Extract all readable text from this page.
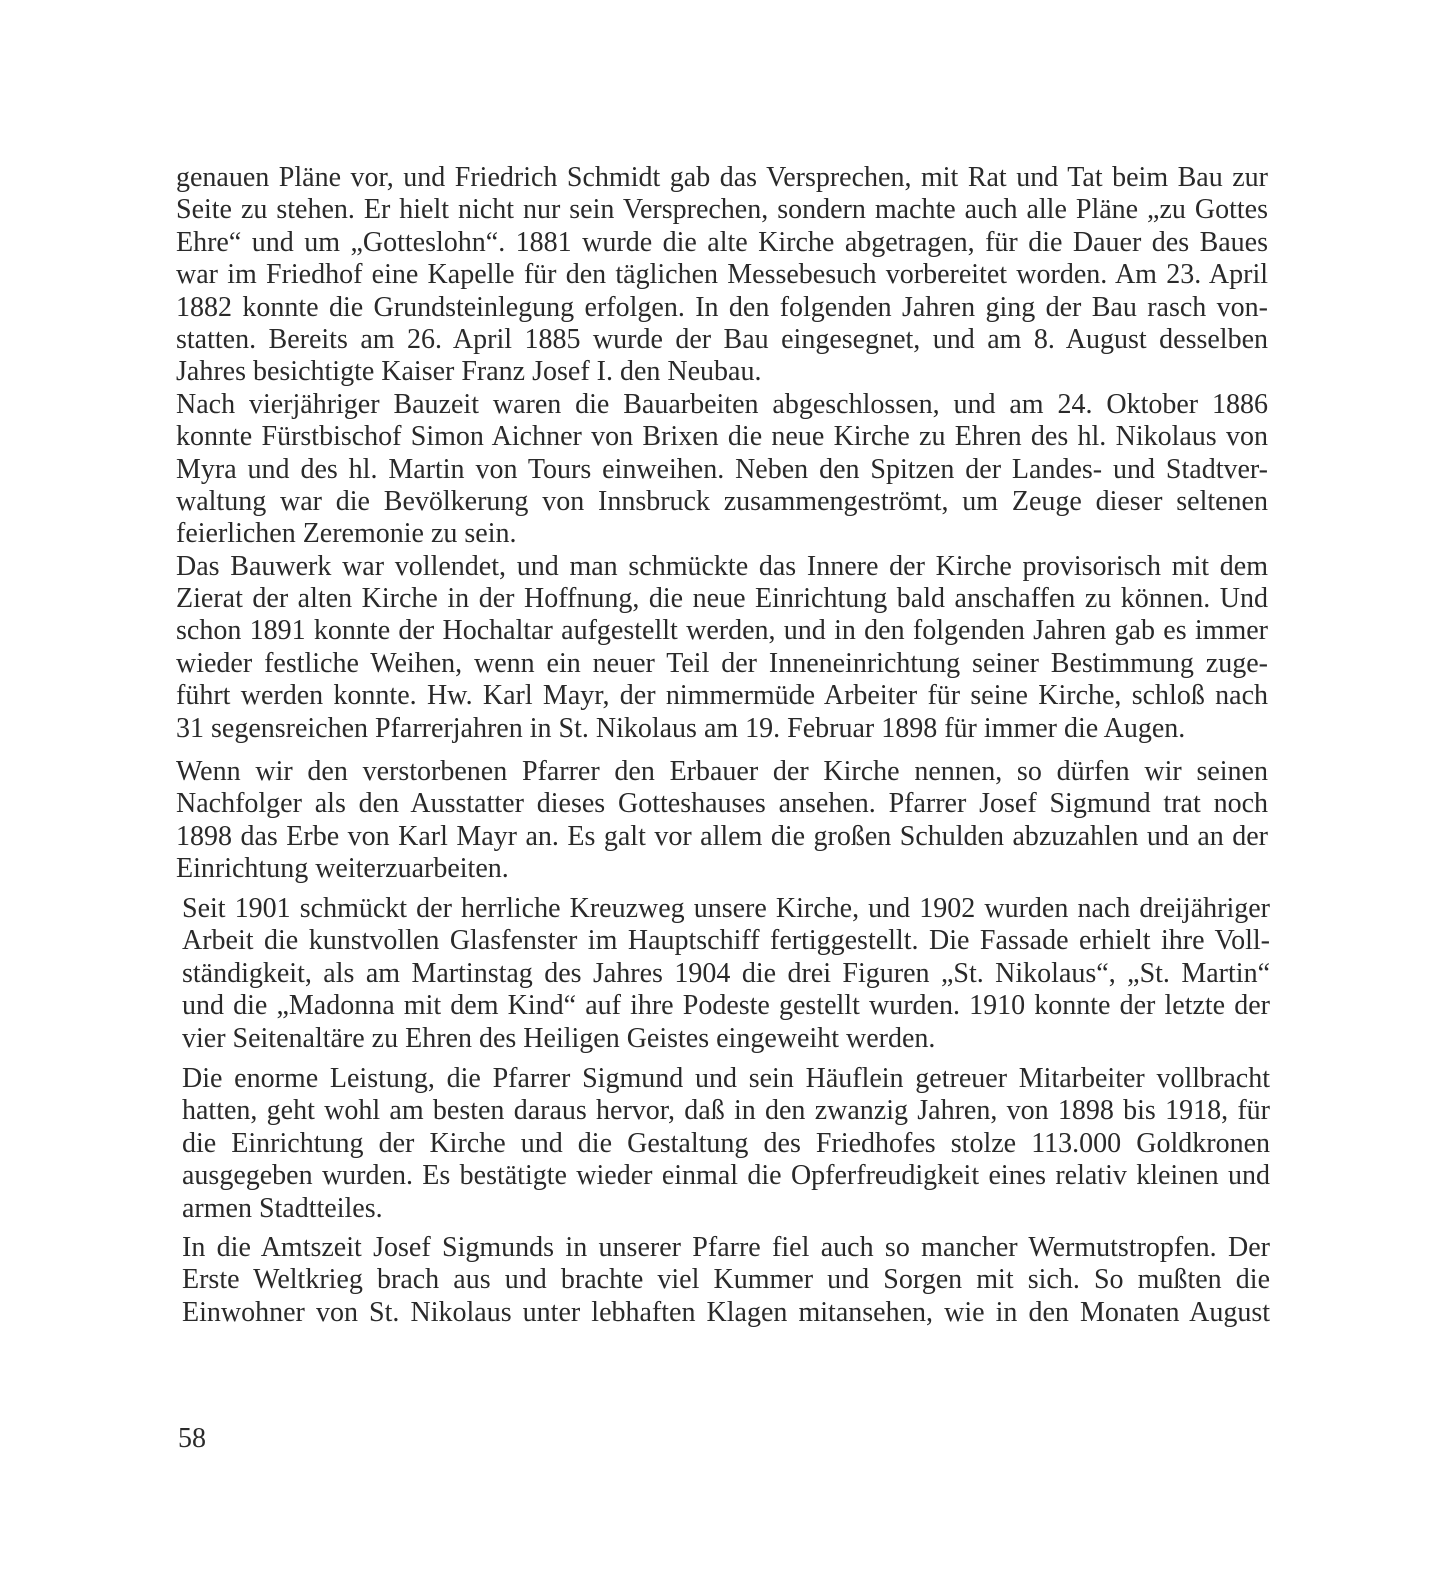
genauen Pläne vor, und Friedrich Schmidt gab das Versprechen, mit Rat und Tat beim Bau zur
Seite zu stehen. Er hielt nicht nur sein Versprechen, sondern machte auch alle Pläne „zu Gottes
Ehre“ und um „Gotteslohn“. 1881 wurde die alte Kirche abgetragen, für die Dauer des Baues
war im Friedhof eine Kapelle für den täglichen Messebesuch vorbereitet worden. Am 23. April
1882 konnte die Grundsteinlegung erfolgen. In den folgenden Jahren ging der Bau rasch von-
statten. Bereits am 26. April 1885 wurde der Bau eingesegnet, und am 8. August desselben
Jahres besichtigte Kaiser Franz Josef I. den Neubau.
Nach vierjähriger Bauzeit waren die Bauarbeiten abgeschlossen, und am 24. Oktober 1886
konnte Fürstbischof Simon Aichner von Brixen die neue Kirche zu Ehren des hl. Nikolaus von
Myra und des hl. Martin von Tours einweihen. Neben den Spitzen der Landes- und Stadtver-
waltung war die Bevölkerung von Innsbruck zusammengeströmt, um Zeuge dieser seltenen
feierlichen Zeremonie zu sein.
Das Bauwerk war vollendet, und man schmückte das Innere der Kirche provisorisch mit dem
Zierat der alten Kirche in der Hoffnung, die neue Einrichtung bald anschaffen zu können. Und
schon 1891 konnte der Hochaltar aufgestellt werden, und in den folgenden Jahren gab es immer
wieder festliche Weihen, wenn ein neuer Teil der Inneneinrichtung seiner Bestimmung zuge-
führt werden konnte. Hw. Karl Mayr, der nimmermüde Arbeiter für seine Kirche, schloß nach
31 segensreichen Pfarrerjahren in St. Nikolaus am 19. Februar 1898 für immer die Augen.
Wenn wir den verstorbenen Pfarrer den Erbauer der Kirche nennen, so dürfen wir seinen
Nachfolger als den Ausstatter dieses Gotteshauses ansehen. Pfarrer Josef Sigmund trat noch
1898 das Erbe von Karl Mayr an. Es galt vor allem die großen Schulden abzuzahlen und an der
Einrichtung weiterzuarbeiten.
Seit 1901 schmückt der herrliche Kreuzweg unsere Kirche, und 1902 wurden nach dreijähriger
Arbeit die kunstvollen Glasfenster im Hauptschiff fertiggestellt. Die Fassade erhielt ihre Voll-
ständigkeit, als am Martinstag des Jahres 1904 die drei Figuren „St. Nikolaus“, „St. Martin“
und die „Madonna mit dem Kind“ auf ihre Podeste gestellt wurden. 1910 konnte der letzte der
vier Seitenaltäre zu Ehren des Heiligen Geistes eingeweiht werden.
Die enorme Leistung, die Pfarrer Sigmund und sein Häuflein getreuer Mitarbeiter vollbracht
hatten, geht wohl am besten daraus hervor, daß in den zwanzig Jahren, von 1898 bis 1918, für
die Einrichtung der Kirche und die Gestaltung des Friedhofes stolze 113.000 Goldkronen
ausgegeben wurden. Es bestätigte wieder einmal die Opferfreudigkeit eines relativ kleinen und
armen Stadtteiles.
In die Amtszeit Josef Sigmunds in unserer Pfarre fiel auch so mancher Wermutstropfen. Der
Erste Weltkrieg brach aus und brachte viel Kummer und Sorgen mit sich. So mußten die
Einwohner von St. Nikolaus unter lebhaften Klagen mitansehen, wie in den Monaten August
58
